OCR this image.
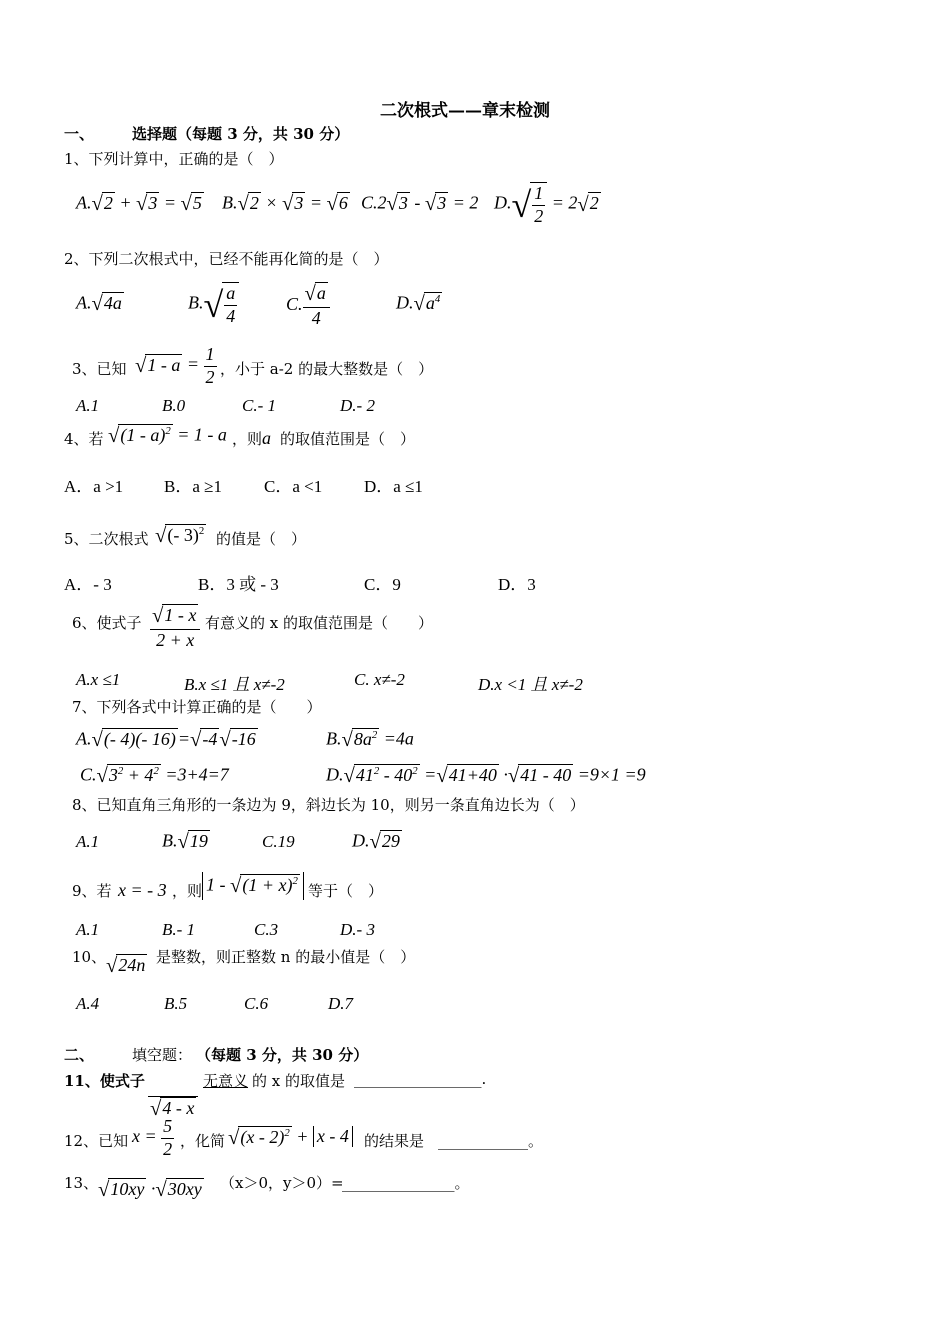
二次根式——章末检测
一、	选择题（每题 3 分，共 30 分）
1、下列计算中，正确的是（　）
A.√2 + √3 = √5 B.√2 × √3 = √6 C.2√3 - √3 = 2 $D.√ \frac{1}{2} = 2√2$
2、下列二次根式中，已经不能再化简的是（　）
A.√4a	$B.√ \frac{a}{4}$	C. $\frac{√a}{4}$	$D.√a^4$
3、已知 $√1 - a = \frac{1}{2}$ ，小于 a-2 的最大整数是（　）
A.1	B.0	C.- 1	D.- 2
4、若 √(1 - a)$^2$ = 1 - a ，则 a 的取值范围是（　）
A．a >1 B．a ≥1 C．a <1 D．a ≤1
5、二次根式 √(- 3)$^2$ 的值是（　）
A．- 3	B．3 或 - 3	C．9	D．3
6、使式子 $\frac{√1 - x}{2 + x}$ 有意义的 x 的取值范围是（　　）
A.x ≤1	B.x ≤1 且 x≠-2	C. x≠-2	D.x <1 且 x≠-2
7、下列各式中计算正确的是（　　）
A.√(- 4)(- 16) =√-4√-16	$B.√8a^2 =4a$
$C.√3^2 + 4^2 =3+4=7$	$D.√41^2 - 40^2 =√41+40 \cdot√41 - 40 =9\times 1 =9$
8、已知直角三角形的一条边为 9，斜边长为 10，则另一条直角边长为（　）
A.1	B.√19	C.19	D.√29
9、若 x = - 3 ，则 $1 - √(1 + x)^2$
等于（　）
A.1	B.- 1	C.3	D.- 3
10、 √24n 是整数，则正整数 n 的最小值是（　）
A.4	B.5	C.6	D.7
二、	填空题： （每题 3 分，共 30 分）
11、使式子

√4 - x
无意义 的 x 的取值是 _________________.
12、已知 $x = \frac{5}{2}$ ，化简 √(x - 2)$^2$ + x - 4 的结果是 ____________。
13、 √10xy ·√30xy （x＞0，y＞0）=
_______________。
